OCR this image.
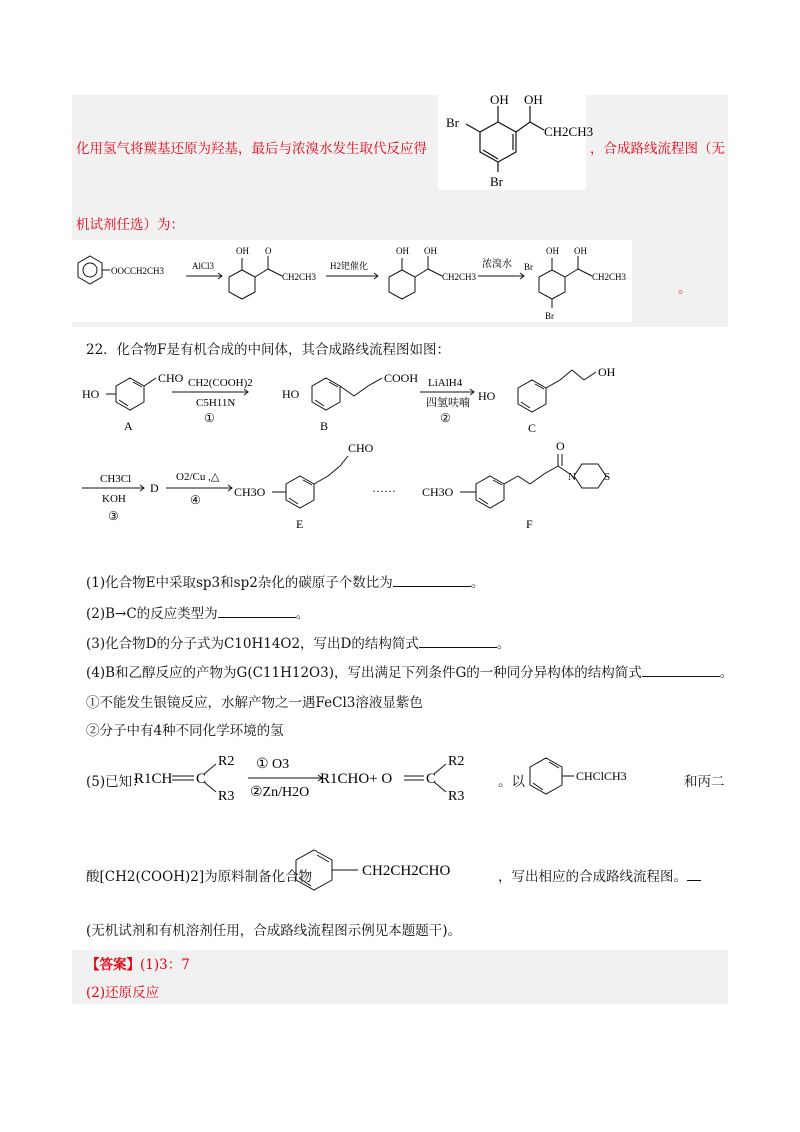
化用氢气将羰基还原为羟基，最后与浓溴水发生取代反应得	，合成路线流程图（无
机试剂任选）为：
OH OH
Br
Br
CH2CH3
OOCCH2CH3	AlCl3
OH O
CH2CH3
H2钯催化
OH OH
CH2CH3
浓溴水 Br
OH OH
CH2CH3
Br
。
22．化合物F是有机合成的中间体，其合成路线流程图如图：
HO
CHO
A
CH2(COOH)2
C5H11N
①
HO
COOH
B
LiAlH4
四氢呋喃
②
HO
OH
C
CH3Cl
KOH
③
D
O2/Cu ,△
④
CH3O
CHO
E
…… CH3O
O
N	S
F
(1)化合物E中采取sp3和sp2杂化的碳原子个数比为	。
(2)B→C的反应类型为	。
(3)化合物D的分子式为C10H14O2，写出D的结构简式	。
(4)B和乙醇反应的产物为G(C11H12O3)，写出满足下列条件G的一种同分异构体的结构简式	。
①不能发生银镜反应，水解产物之一遇FeCl3溶液显紫色
②分子中有4种不同化学环境的氢
(5)已知：
R1CH C
R2
R3
① O3
②Zn/H2O
R1CHO+ O C
R2
R3
。以	CHClCH3	和丙二
酸[CH2(COOH)2]为原料制备化合物	CH2CH2CHO	，写出相应的合成路线流程图。
(无机试剂和有机溶剂任用，合成路线流程图示例见本题题干)。
【答案】(1)3：7
(2)还原反应
